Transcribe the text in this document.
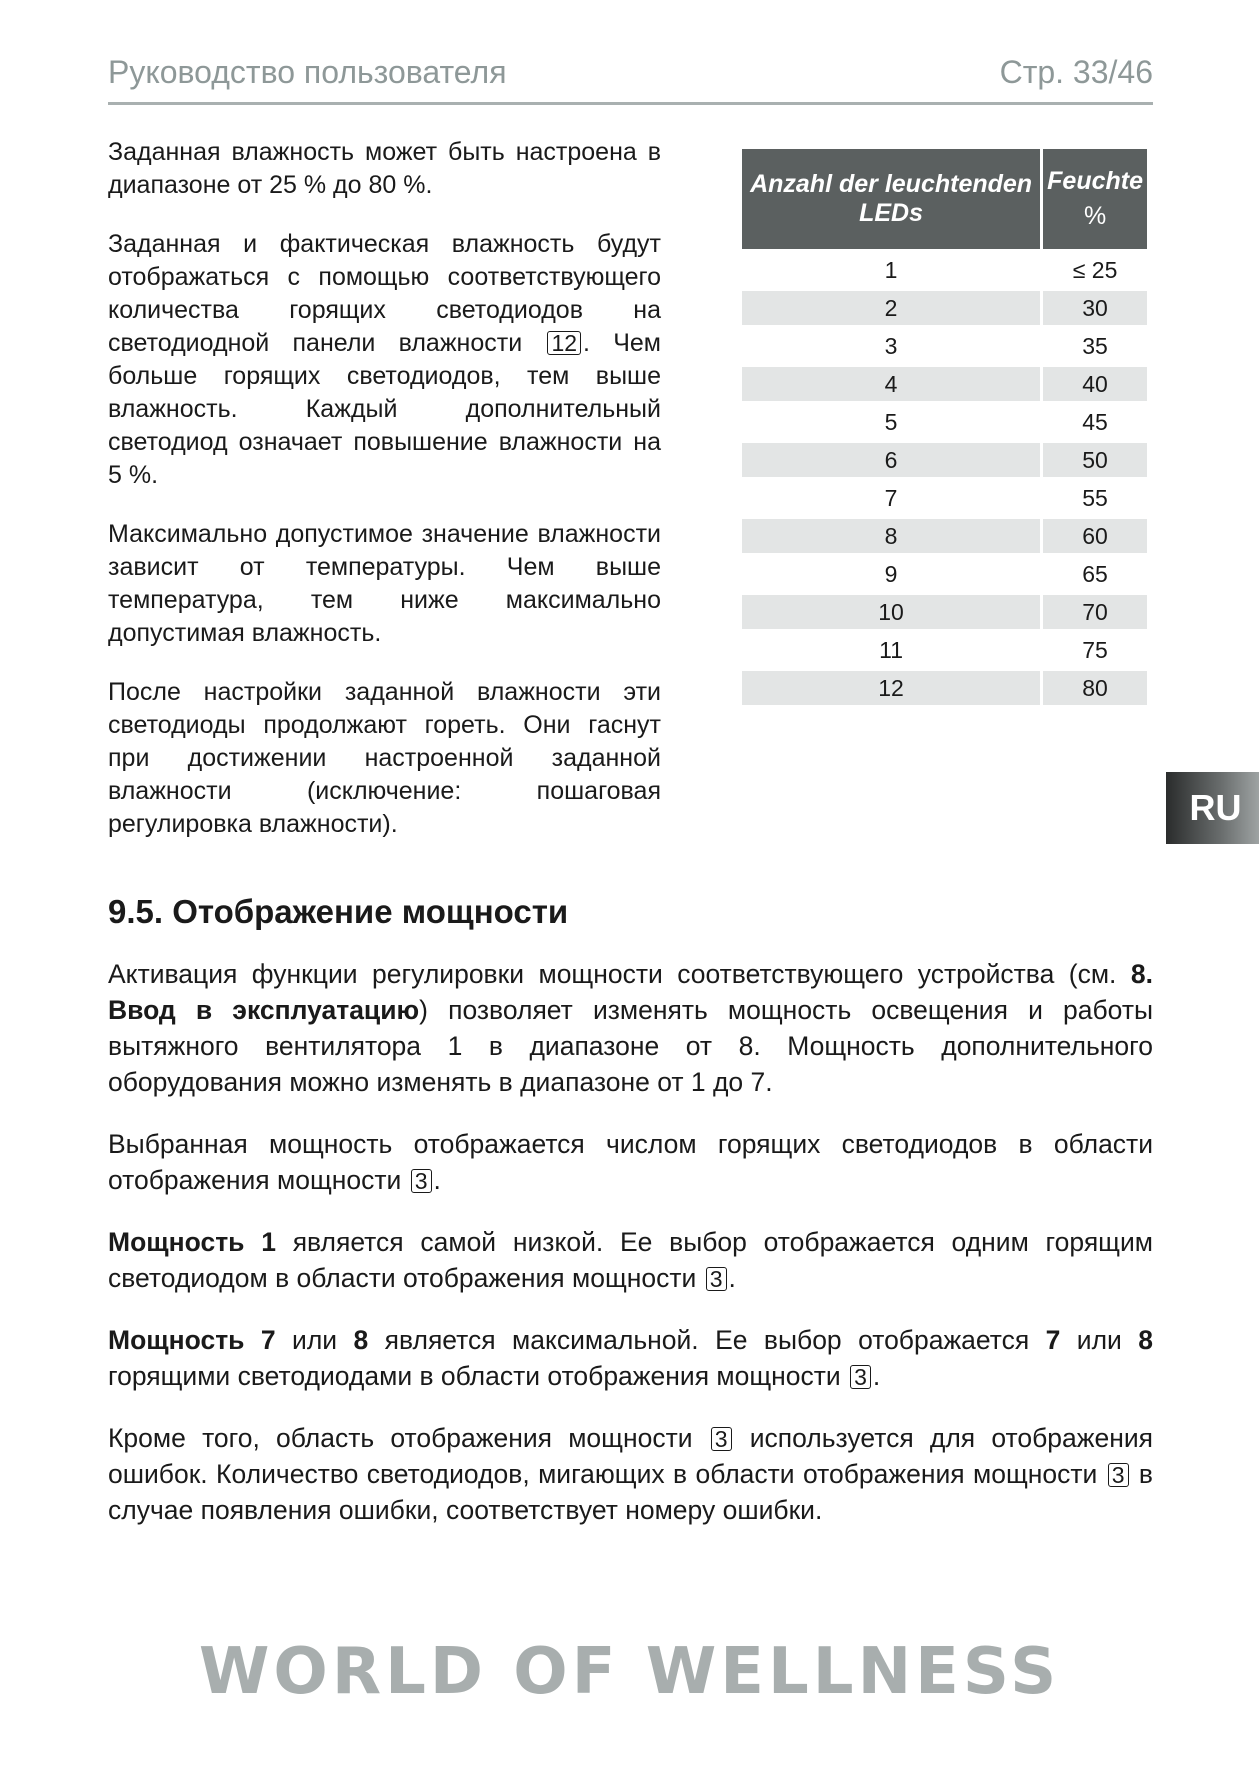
Руководство пользователя	Стр. 33/46

Заданная влажность может быть настроена в диапазоне от 25 % до 80 %.

Заданная и фактическая влажность будут отображаться с помощью соответствующего количества горящих светодиодов на светодиодной панели влажности 12 . Чем больше горящих светодиодов, тем выше влажность. Каждый дополнительный светодиод означает повышение влажности на 5 %.

Максимально допустимое значение влажности зависит от температуры. Чем выше температура, тем ниже максимально допустимая влажность.

После настройки заданной влажности эти светодиоды продолжают гореть. Они гаснут при достижении настроенной заданной влажности (исключение: пошаговая регулировка влажности).

Anzahl der leuchtenden LEDs	Feuchte
%

1	≤ 25
2	30
3	35
4	40
5	45
6	50
7	55
8	60
9	65
10	70
11	75
12	80
RU
9.5. Отображение мощности

Активация функции регулировки мощности соответствующего устройства (см. 8. Ввод в эксплуатацию) позволяет изменять мощность освещения и работы вытяжного вентилятора 1 в диапазоне от 8. Мощность дополнительного оборудования можно изменять в диапазоне от 1 до 7.

Выбранная мощность отображается числом горящих светодиодов в области отображения мощности 3 .

Мощность 1 является самой низкой. Ее выбор отображается одним горящим светодиодом в области отображения мощности 3 .

Мощность 7 или 8 является максимальной. Ее выбор отображается 7 или 8 горящими светодиодами в области отображения мощности 3 .

Кроме того, область отображения мощности 3 используется для отображения ошибок. Количество светодиодов, мигающих в области отображения мощности 3 в случае появления ошибки, соответствует номеру ошибки.

WORLD OF WELLNESS
